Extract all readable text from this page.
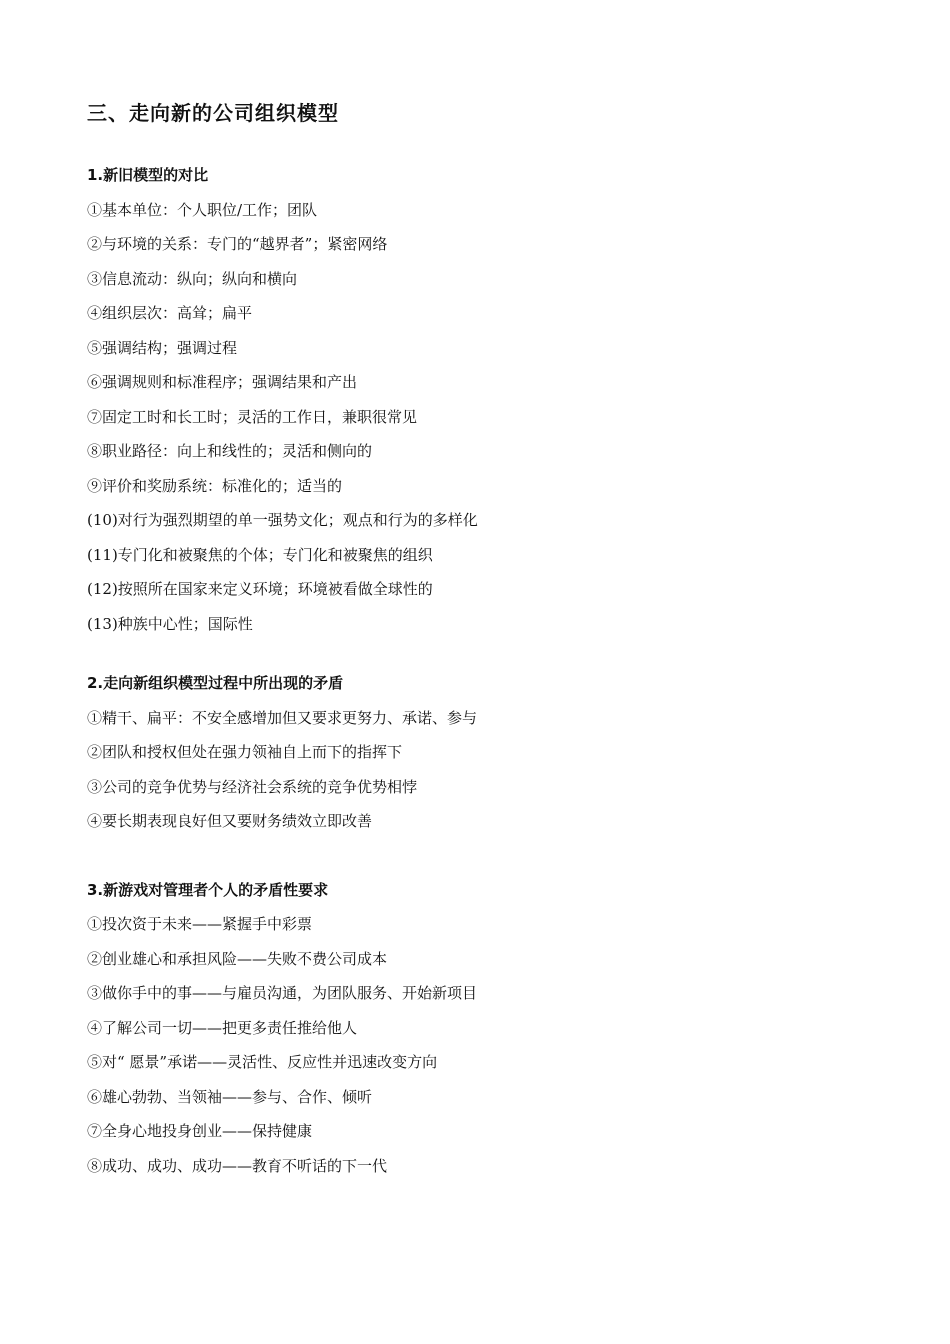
三、走向新的公司组织模型

1.新旧模型的对比

①基本单位：个人职位/工作；团队

②与环境的关系：专门的“越界者”；紧密网络

③信息流动：纵向；纵向和横向

④组织层次：高耸；扁平

⑤强调结构；强调过程

⑥强调规则和标准程序；强调结果和产出

⑦固定工时和长工时；灵活的工作日，兼职很常见

⑧职业路径：向上和线性的；灵活和侧向的

⑨评价和奖励系统：标准化的；适当的

(10)对行为强烈期望的单一强势文化；观点和行为的多样化

(11)专门化和被聚焦的个体；专门化和被聚焦的组织

(12)按照所在国家来定义环境；环境被看做全球性的

(13)种族中心性；国际性

2.走向新组织模型过程中所出现的矛盾

①精干、扁平：不安全感增加但又要求更努力、承诺、参与

②团队和授权但处在强力领袖自上而下的指挥下

③公司的竞争优势与经济社会系统的竞争优势相悖

④要长期表现良好但又要财务绩效立即改善

3.新游戏对管理者个人的矛盾性要求

①投次资于未来——紧握手中彩票

②创业雄心和承担风险——失败不费公司成本

③做你手中的事——与雇员沟通，为团队服务、开始新项目

④了解公司一切——把更多责任推给他人

⑤对“ 愿景”承诺——灵活性、反应性并迅速改变方向

⑥雄心勃勃、当领袖——参与、合作、倾听

⑦全身心地投身创业——保持健康

⑧成功、成功、成功——教育不听话的下一代
